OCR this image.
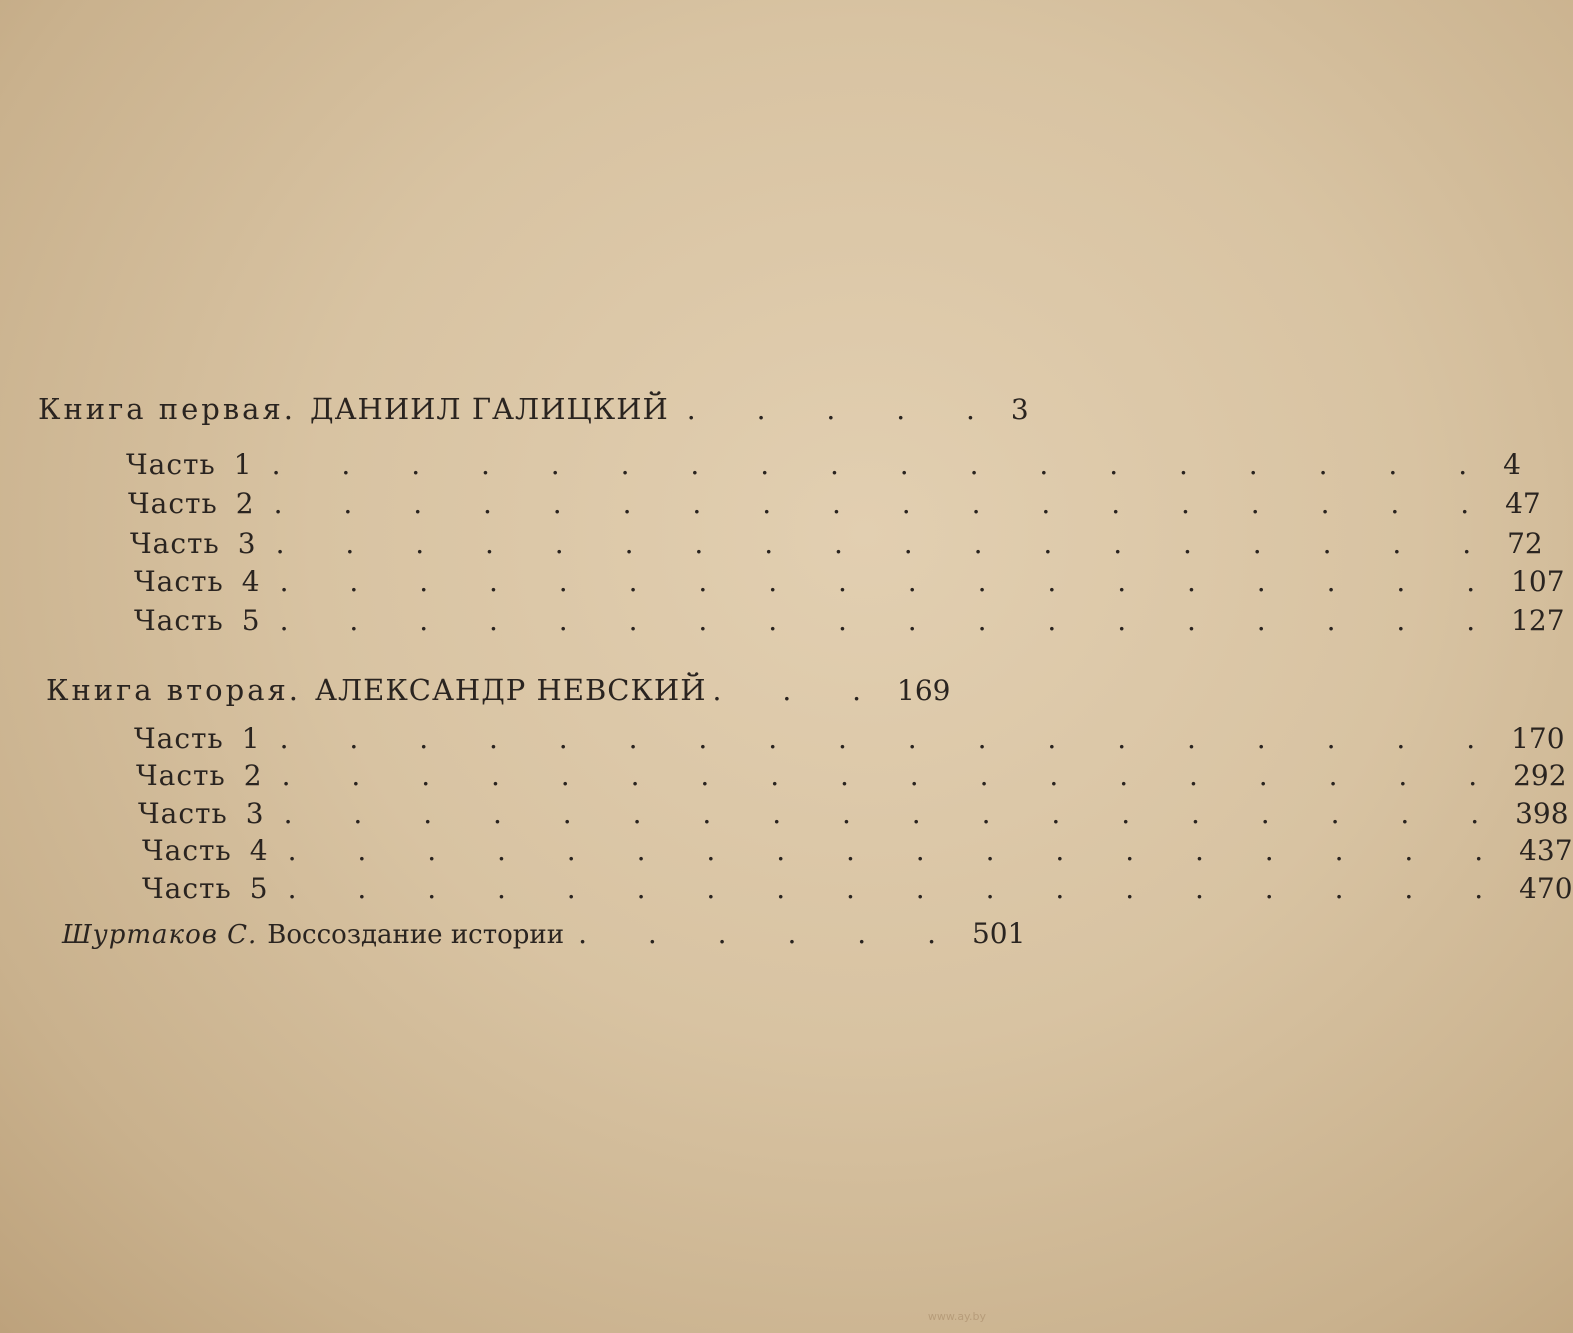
Книга первая. ДАНИИЛ ГАЛИЦКИЙ . . . . . 3
Часть 1 . . . . . . . . . . . . . . . . . . 4
Часть 2 . . . . . . . . . . . . . . . . . . 47
Часть 3 . . . . . . . . . . . . . . . . . . 72
Часть 4 . . . . . . . . . . . . . . . . . . 107
Часть 5 . . . . . . . . . . . . . . . . . . 127
Книга вторая. АЛЕКСАНДР НЕВСКИЙ . . . 169
Часть 1 . . . . . . . . . . . . . . . . . . 170
Часть 2 . . . . . . . . . . . . . . . . . . 292
Часть 3 . . . . . . . . . . . . . . . . . . 398
Часть 4 . . . . . . . . . . . . . . . . . . 437
Часть 5 . . . . . . . . . . . . . . . . . . 470
Шуртаков С. Воссоздание истории . . . . . . 501
www.ay.by
